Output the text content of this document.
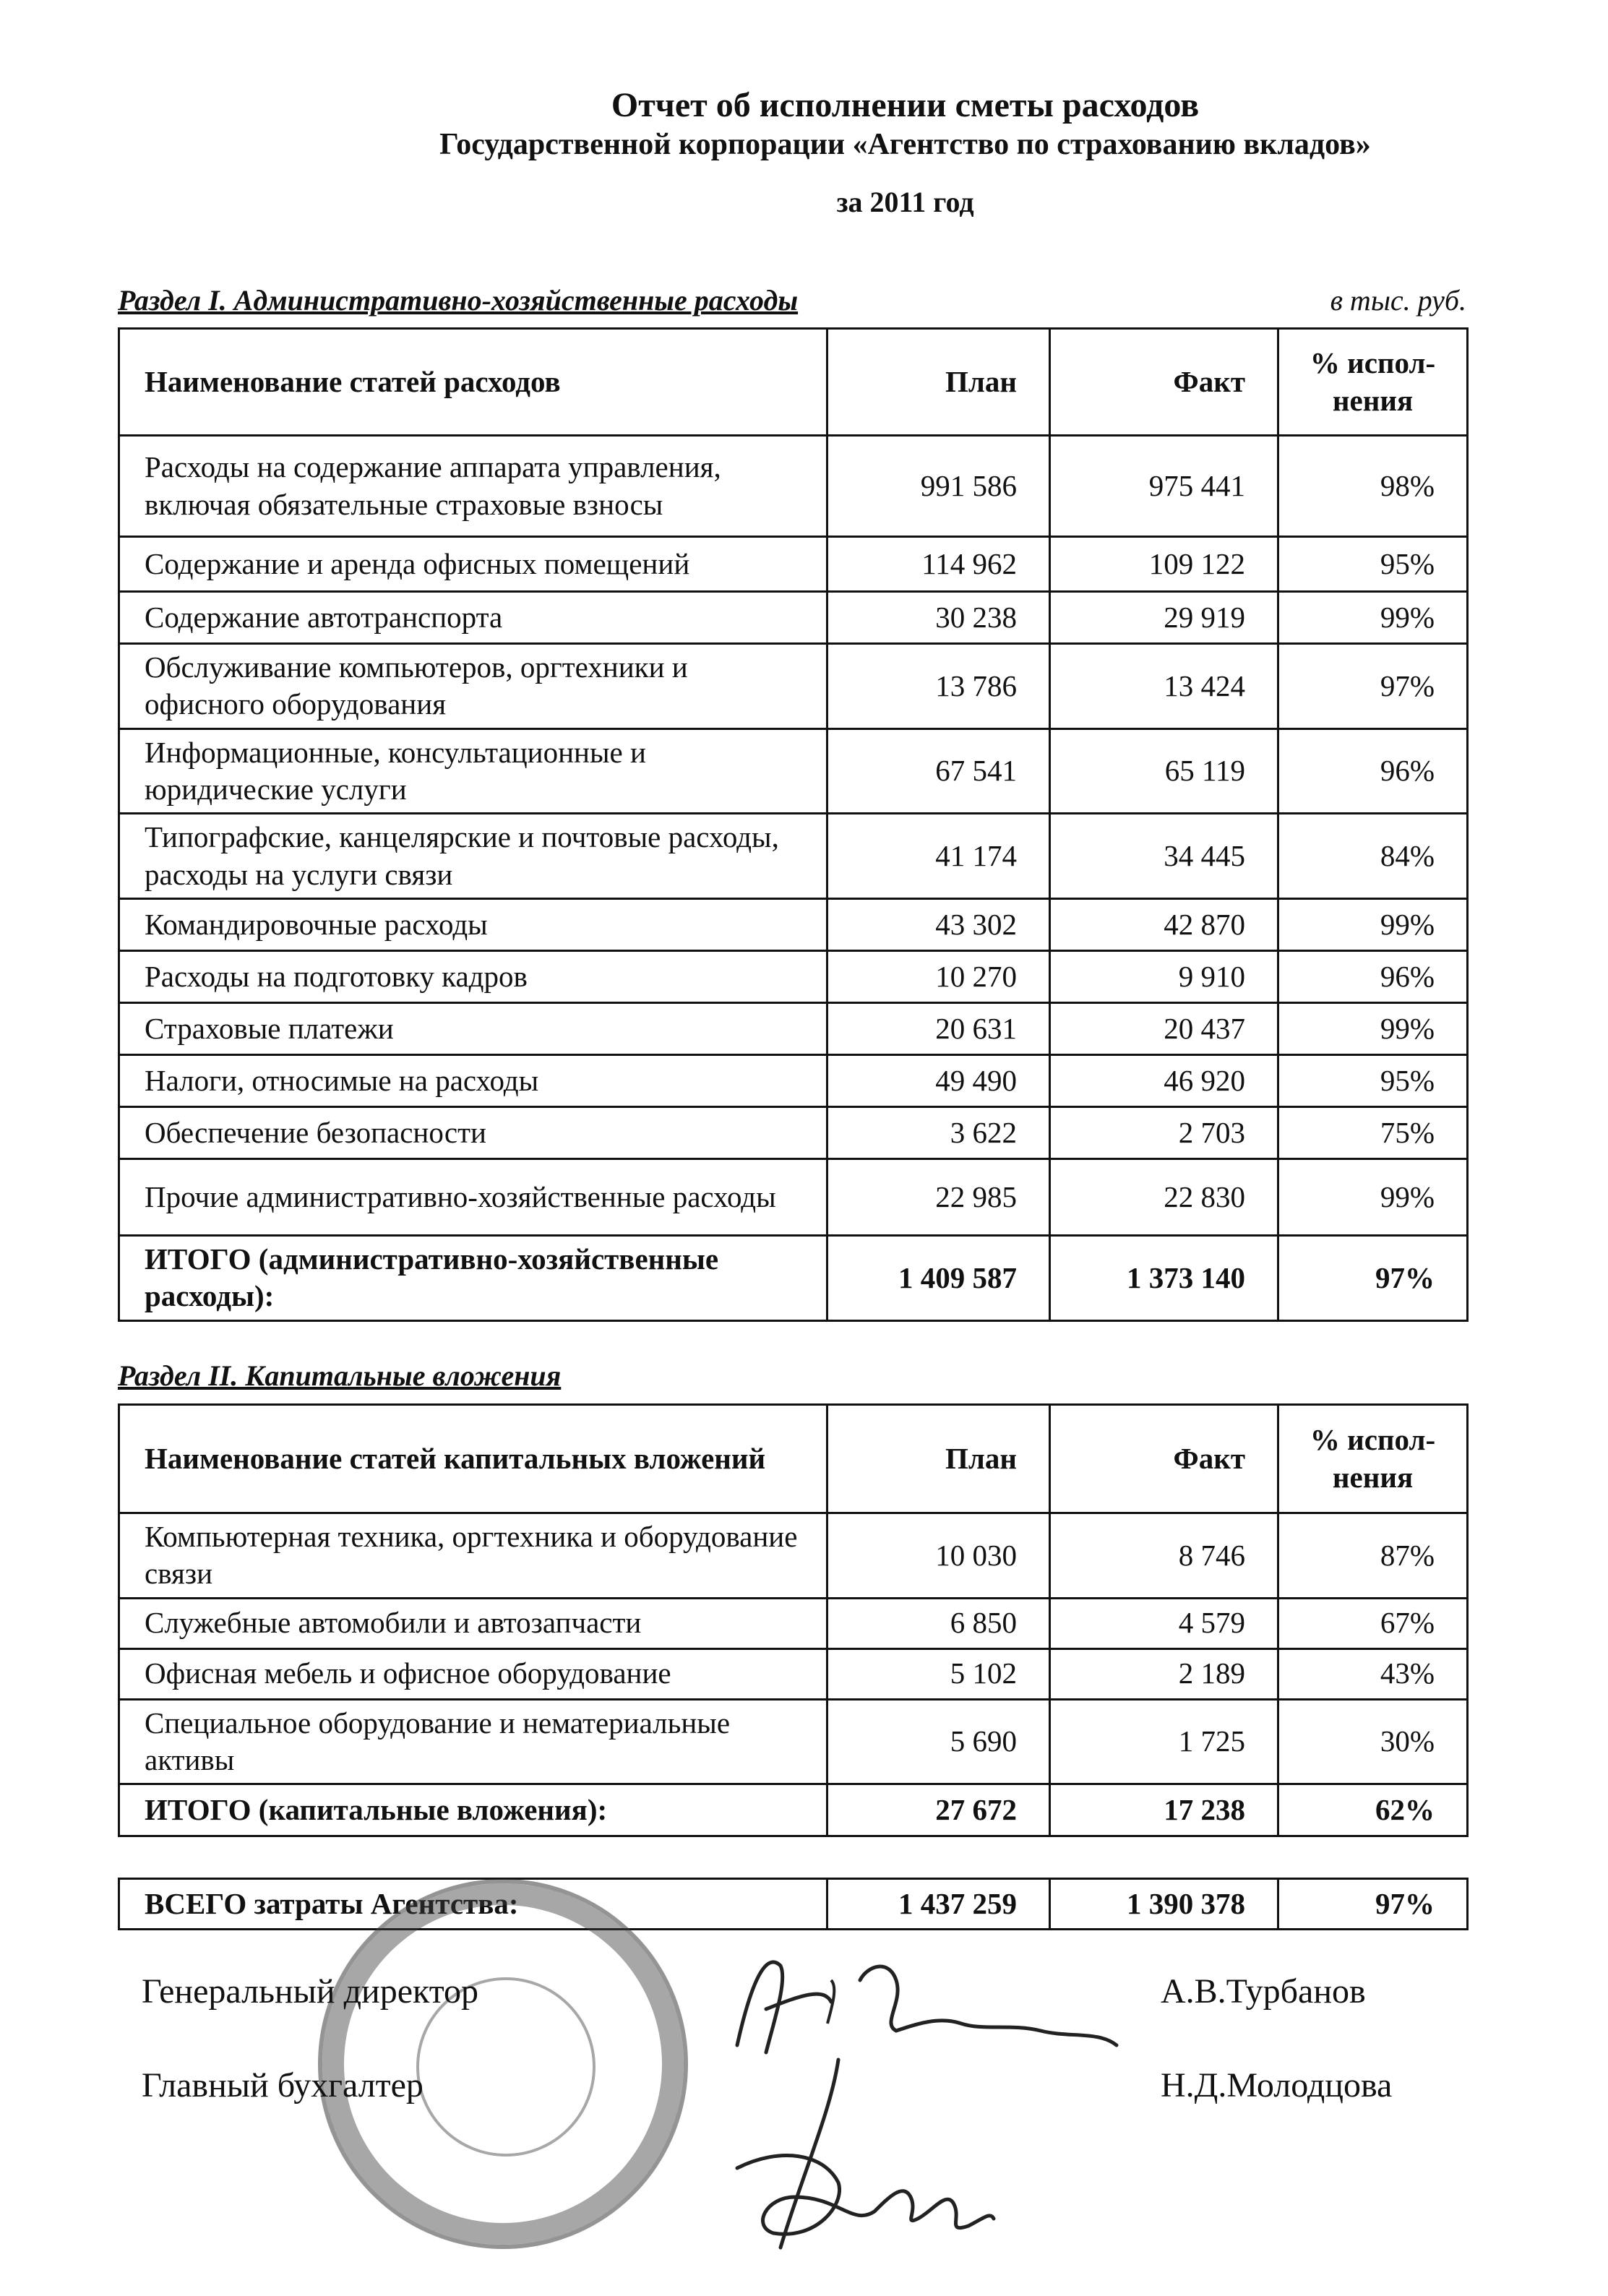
Отчет об исполнении сметы расходов
Государственной корпорации «Агентство по страхованию вкладов»
за 2011 год
Раздел I. Административно-хозяйственные расходы	в тыс. руб.
Наименование статей расходов	План	Факт	% испол-
нения
Расходы на содержание аппарата управления, включая обязательные страховые взносы	991 586	975 441	98%
Содержание и аренда офисных помещений	114 962	109 122	95%
Содержание автотранспорта	30 238	29 919	99%
Обслуживание компьютеров, оргтехники и офисного оборудования	13 786	13 424	97%
Информационные, консультационные и юридические услуги	67 541	65 119	96%
Типографские, канцелярские и почтовые расходы, расходы на услуги связи	41 174	34 445	84%
Командировочные расходы	43 302	42 870	99%
Расходы на подготовку кадров	10 270	9 910	96%
Страховые платежи	20 631	20 437	99%
Налоги, относимые на расходы	49 490	46 920	95%
Обеспечение безопасности	3 622	2 703	75%
Прочие административно-хозяйственные расходы	22 985	22 830	99%
ИТОГО (административно-хозяйственные расходы):	1 409 587	1 373 140	97%
Раздел II. Капитальные вложения
Наименование статей капитальных вложений	План	Факт	% испол-
нения
Компьютерная техника, оргтехника и оборудование связи	10 030	8 746	87%
Служебные автомобили и автозапчасти	6 850	4 579	67%
Офисная мебель и офисное оборудование	5 102	2 189	43%
Специальное оборудование и нематериальные активы	5 690	1 725	30%
ИТОГО (капитальные вложения):	27 672	17 238	62%
ВСЕГО затраты Агентства:	1 437 259	1 390 378	97%
Генеральный директор	А.В.Турбанов
Главный бухгалтер	Н.Д.Молодцова
